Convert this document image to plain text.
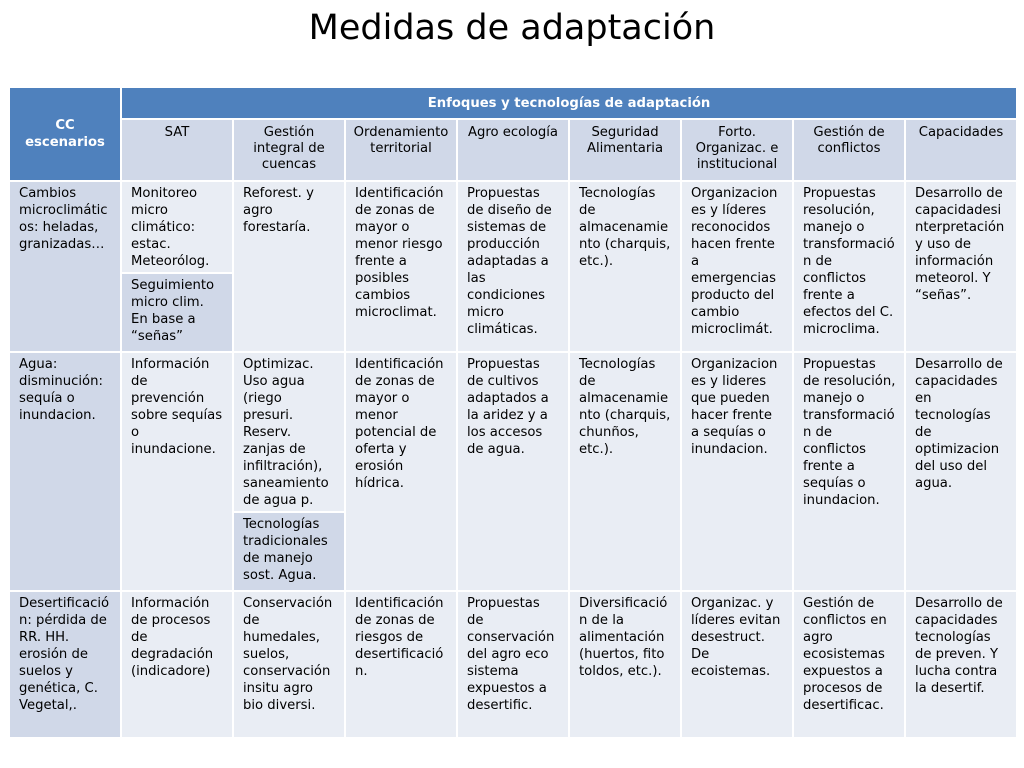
Medidas de adaptación
CC escenarios	Enfoques y tecnologías de adaptación							
	SAT	Gestión integral de cuencas	Ordenamiento territorial	Agro ecología	Seguridad Alimentaria	Forto. Organizac. e institucional	Gestión de conflictos	Capacidades
Cambios microclimáticos: heladas, granizadas…	Monitoreo micro climático: estac. Meteorólog.	Reforest. y agro forestaría.	Identificación de zonas de mayor o menor riesgo frente a posibles cambios microclimat.	Propuestas de diseño de sistemas de producción adaptadas a las condiciones micro climáticas.	Tecnologías de almacenamiento (charquis, etc.).	Organizaciones y líderes reconocidos hacen frente a emergencias producto del cambio microclimát.	Propuestas resolución, manejo o transformación de conflictos frente a efectos del C. microclima.	Desarrollo de capacidadesinterpretación y uso de información meteorol. Y “señas”.
	Seguimiento micro clim. En base a “señas”							
Agua: disminución: sequía o inundacion.	Información de prevención sobre sequías o inundacione.	Optimizac. Uso agua (riego presuri. Reserv. zanjas de infiltración), saneamiento de agua p.	Identificación de zonas de mayor o menor potencial de oferta y erosión hídrica.	Propuestas de cultivos adaptados a la aridez y a los accesos de agua.	Tecnologías de almacenamiento (charquis, chunños, etc.).	Organizaciones y lideres que pueden hacer frente a sequías o inundacion.	Propuestas de resolución, manejo o transformación de conflictos frente a sequías o inundacion.	Desarrollo de capacidades en tecnologías de optimizacion del uso del agua.
		Tecnologías tradicionales de manejo sost. Agua.						
Desertificación: pérdida de RR. HH. erosión de suelos y genética, C. Vegetal,.	Información de procesos de degradación (indicadore)	Conservación de humedales, suelos, conservación insitu agro bio diversi.	Identificación de zonas de riesgos de desertificación.	Propuestas de conservación del agro eco sistema expuestos a desertific.	Diversificación de la alimentación (huertos, fito toldos, etc.).	Organizac. y líderes evitan desestruct. De ecoistemas.	Gestión de conflictos en agro ecosistemas expuestos a procesos de desertificac.	Desarrollo de capacidades tecnologías de preven. Y lucha contra la desertif.
